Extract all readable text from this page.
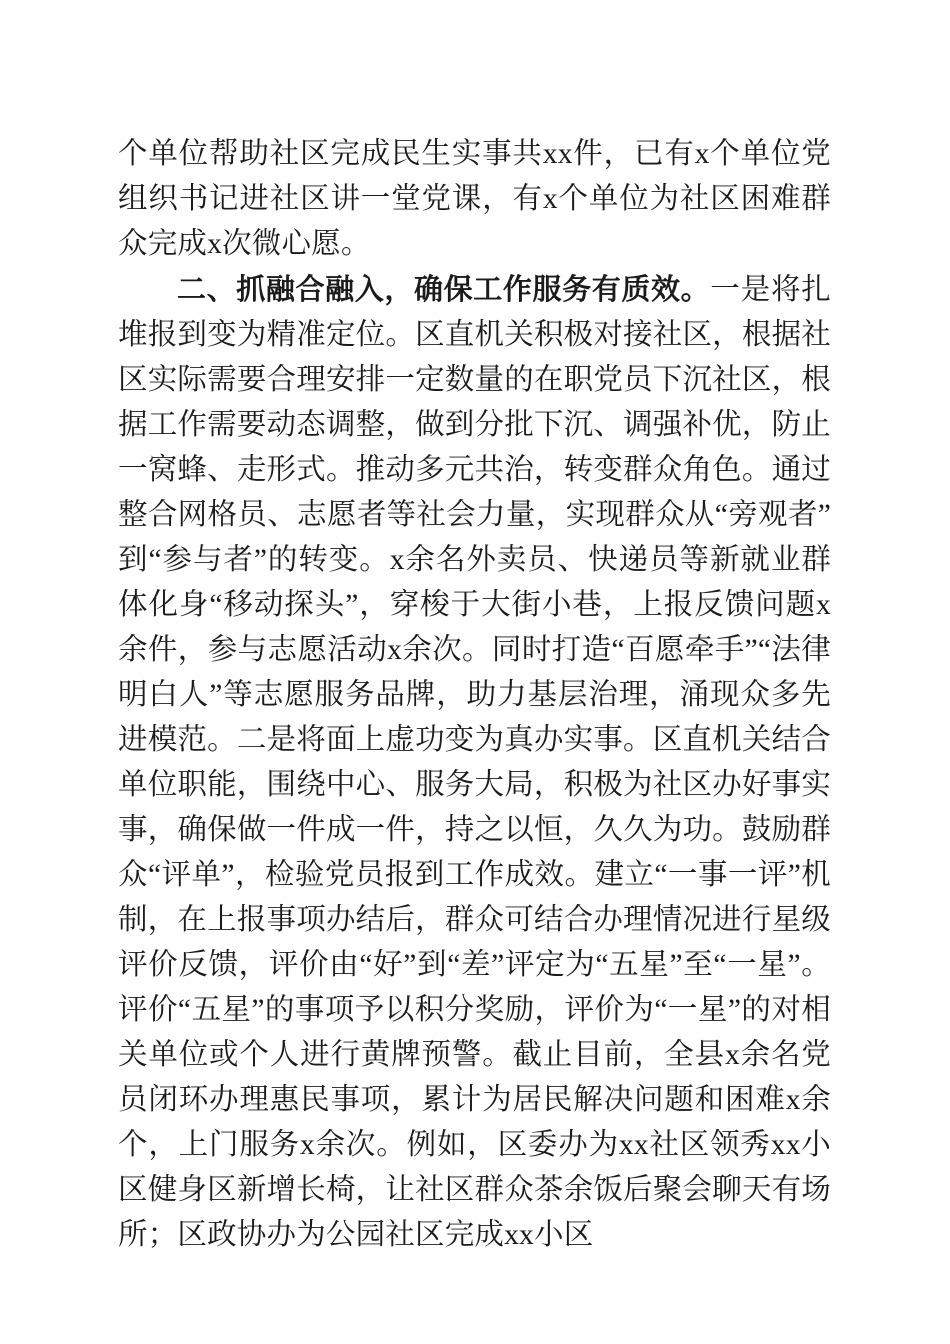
个单位帮助社区完成民生实事共xx件，已有x个单位党组织书记进社区讲一堂党课，有x个单位为社区困难群众完成x次微心愿。

二、抓融合融入，确保工作服务有质效。一是将扎堆报到变为精准定位。区直机关积极对接社区，根据社区实际需要合理安排一定数量的在职党员下沉社区，根据工作需要动态调整，做到分批下沉、调强补优，防止一窝蜂、走形式。推动多元共治，转变群众角色。通过整合网格员、志愿者等社会力量，实现群众从“旁观者”到“参与者”的转变。x余名外卖员、快递员等新就业群体化身“移动探头”，穿梭于大街小巷，上报反馈问题x余件，参与志愿活动x余次。同时打造“百愿牵手”“法律明白人”等志愿服务品牌，助力基层治理，涌现众多先进模范。二是将面上虚功变为真办实事。区直机关结合单位职能，围绕中心、服务大局，积极为社区办好事实事，确保做一件成一件，持之以恒，久久为功。鼓励群众“评单”，检验党员报到工作成效。建立“一事一评”机制，在上报事项办结后，群众可结合办理情况进行星级评价反馈，评价由“好”到“差”评定为“五星”至“一星”。评价“五星”的事项予以积分奖励，评价为“一星”的对相关单位或个人进行黄牌预警。截止目前，全县x余名党员闭环办理惠民事项，累计为居民解决问题和困难x余个，上门服务x余次。例如，区委办为xx社区领秀xx小区健身区新增长椅，让社区群众茶余饭后聚会聊天有场所；区政协办为公园社区完成xx小区
